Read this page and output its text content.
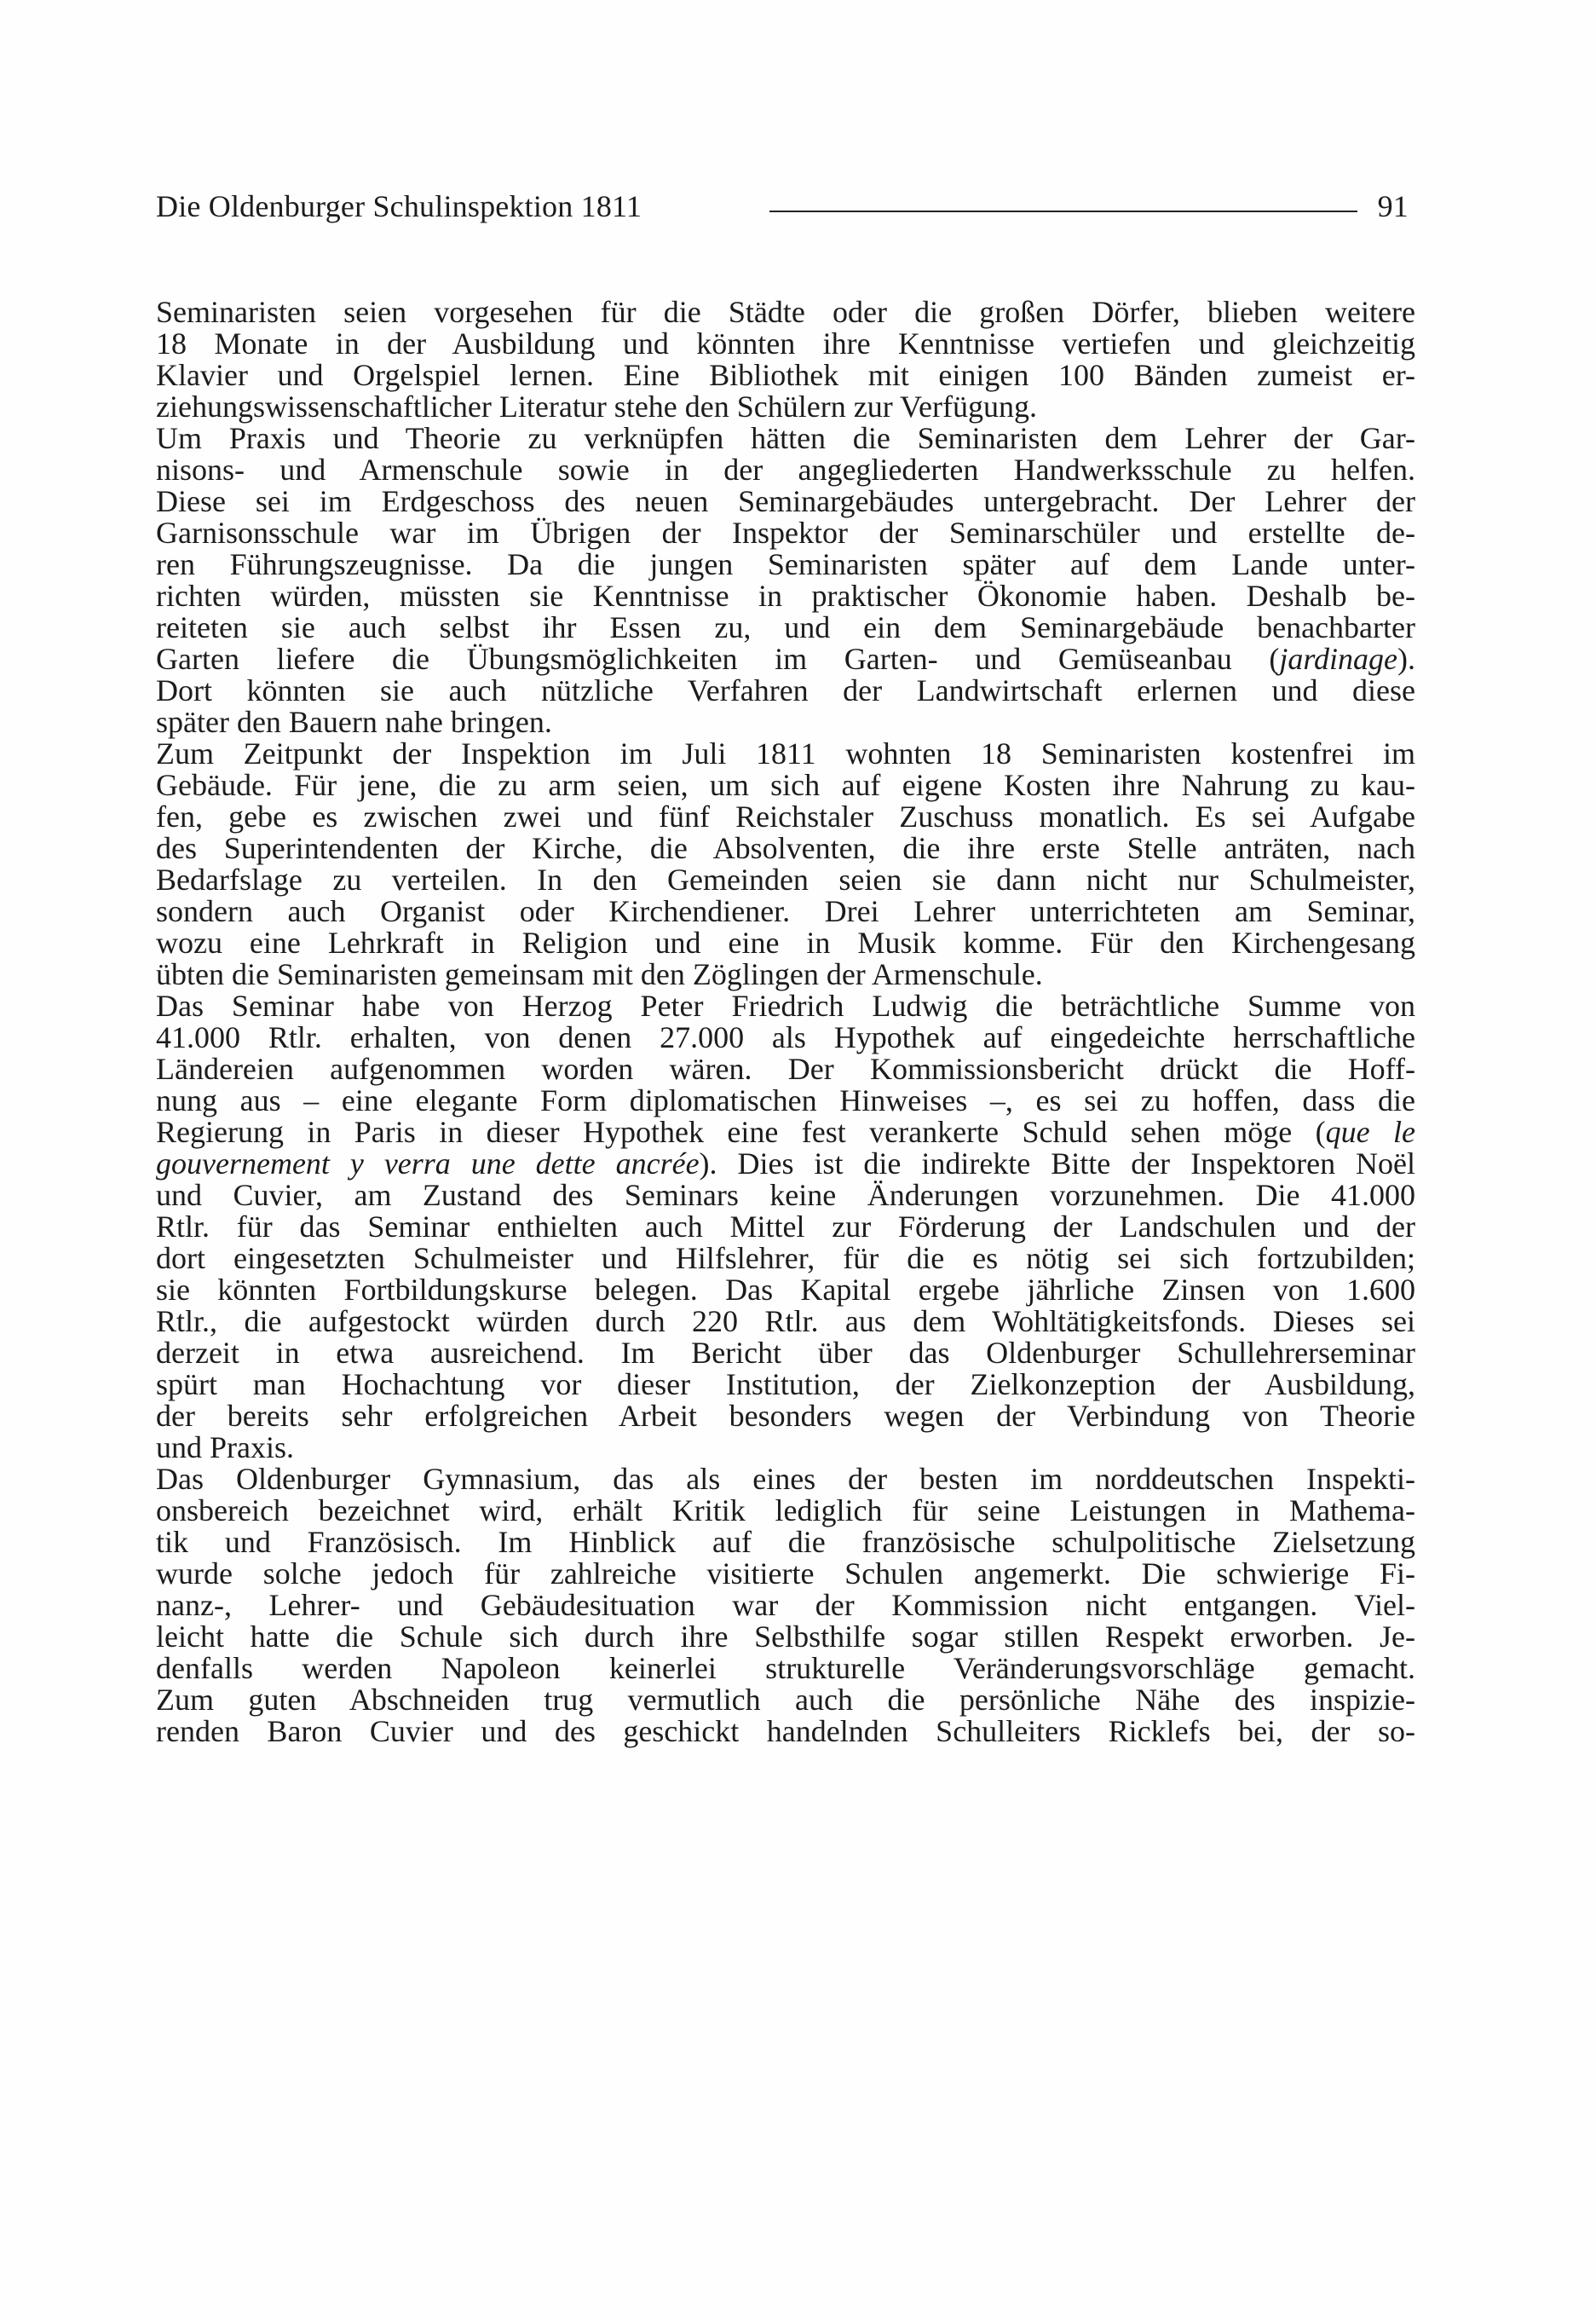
Die Oldenburger Schulinspektion 1811	91
Seminaristen seien vorgesehen für die Städte oder die großen Dörfer, blieben weitere
18 Monate in der Ausbildung und könnten ihre Kenntnisse vertiefen und gleichzeitig
Klavier und Orgelspiel lernen. Eine Bibliothek mit einigen 100 Bänden zumeist er-
ziehungswissenschaftlicher Literatur stehe den Schülern zur Verfügung.
Um Praxis und Theorie zu verknüpfen hätten die Seminaristen dem Lehrer der Gar-
nisons- und Armenschule sowie in der angegliederten Handwerksschule zu helfen.
Diese sei im Erdgeschoss des neuen Seminargebäudes untergebracht. Der Lehrer der
Garnisonsschule war im Übrigen der Inspektor der Seminarschüler und erstellte de-
ren Führungszeugnisse. Da die jungen Seminaristen später auf dem Lande unter-
richten würden, müssten sie Kenntnisse in praktischer Ökonomie haben. Deshalb be-
reiteten sie auch selbst ihr Essen zu, und ein dem Seminargebäude benachbarter
Garten liefere die Übungsmöglichkeiten im Garten- und Gemüseanbau (jardinage).
Dort könnten sie auch nützliche Verfahren der Landwirtschaft erlernen und diese
später den Bauern nahe bringen.
Zum Zeitpunkt der Inspektion im Juli 1811 wohnten 18 Seminaristen kostenfrei im
Gebäude. Für jene, die zu arm seien, um sich auf eigene Kosten ihre Nahrung zu kau-
fen, gebe es zwischen zwei und fünf Reichstaler Zuschuss monatlich. Es sei Aufgabe
des Superintendenten der Kirche, die Absolventen, die ihre erste Stelle anträten, nach
Bedarfslage zu verteilen. In den Gemeinden seien sie dann nicht nur Schulmeister,
sondern auch Organist oder Kirchendiener. Drei Lehrer unterrichteten am Seminar,
wozu eine Lehrkraft in Religion und eine in Musik komme. Für den Kirchengesang
übten die Seminaristen gemeinsam mit den Zöglingen der Armenschule.
Das Seminar habe von Herzog Peter Friedrich Ludwig die beträchtliche Summe von
41.000 Rtlr. erhalten, von denen 27.000 als Hypothek auf eingedeichte herrschaftliche
Ländereien aufgenommen worden wären. Der Kommissionsbericht drückt die Hoff-
nung aus – eine elegante Form diplomatischen Hinweises –, es sei zu hoffen, dass die
Regierung in Paris in dieser Hypothek eine fest verankerte Schuld sehen möge (que le
gouvernement y verra une dette ancrée). Dies ist die indirekte Bitte der Inspektoren Noël
und Cuvier, am Zustand des Seminars keine Änderungen vorzunehmen. Die 41.000
Rtlr. für das Seminar enthielten auch Mittel zur Förderung der Landschulen und der
dort eingesetzten Schulmeister und Hilfslehrer, für die es nötig sei sich fortzubilden;
sie könnten Fortbildungskurse belegen. Das Kapital ergebe jährliche Zinsen von 1.600
Rtlr., die aufgestockt würden durch 220 Rtlr. aus dem Wohltätigkeitsfonds. Dieses sei
derzeit in etwa ausreichend. Im Bericht über das Oldenburger Schullehrerseminar
spürt man Hochachtung vor dieser Institution, der Zielkonzeption der Ausbildung,
der bereits sehr erfolgreichen Arbeit besonders wegen der Verbindung von Theorie
und Praxis.
Das Oldenburger Gymnasium, das als eines der besten im norddeutschen Inspekti-
onsbereich bezeichnet wird, erhält Kritik lediglich für seine Leistungen in Mathema-
tik und Französisch. Im Hinblick auf die französische schulpolitische Zielsetzung
wurde solche jedoch für zahlreiche visitierte Schulen angemerkt. Die schwierige Fi-
nanz-, Lehrer- und Gebäudesituation war der Kommission nicht entgangen. Viel-
leicht hatte die Schule sich durch ihre Selbsthilfe sogar stillen Respekt erworben. Je-
denfalls werden Napoleon keinerlei strukturelle Veränderungsvorschläge gemacht.
Zum guten Abschneiden trug vermutlich auch die persönliche Nähe des inspizie-
renden Baron Cuvier und des geschickt handelnden Schulleiters Ricklefs bei, der so-
